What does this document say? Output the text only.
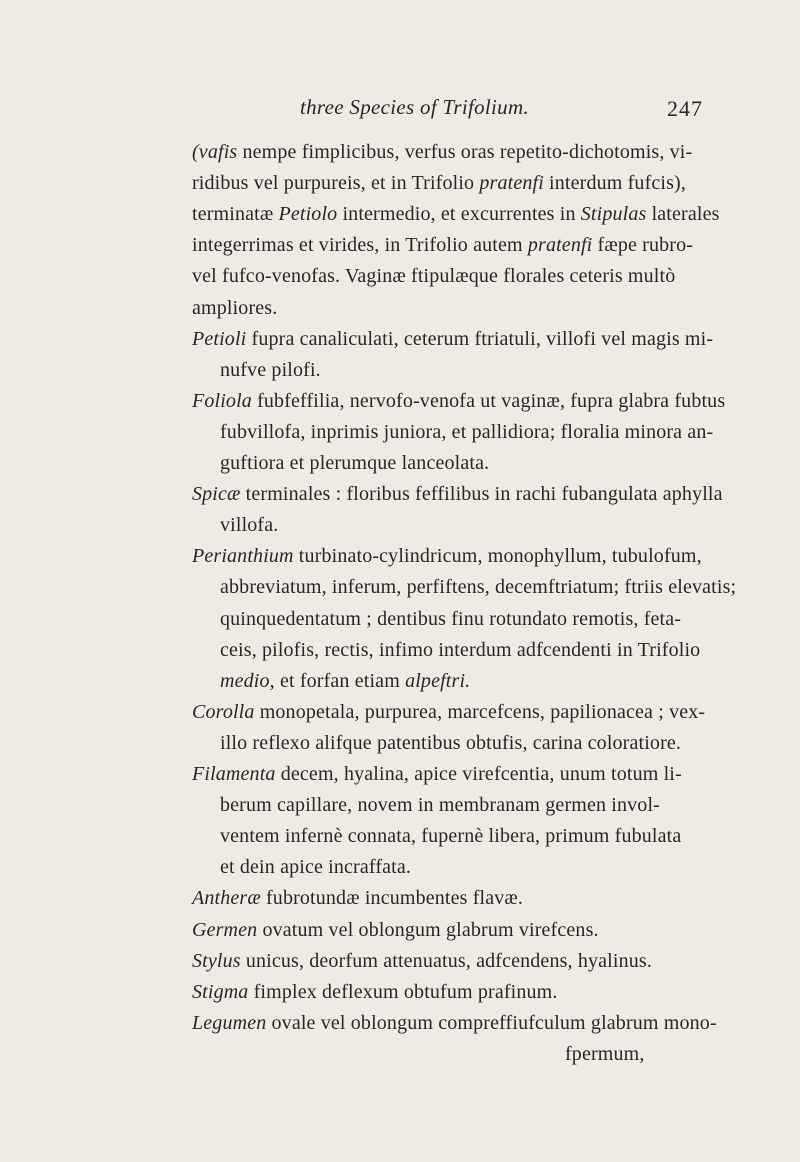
three Species of Trifolium.	247
(vafis nempe fimplicibus, verfus oras repetito-dichotomis, vi-
ridibus vel purpureis, et in Trifolio pratenfi interdum fufcis),
terminatæ Petiolo intermedio, et excurrentes in Stipulas laterales
integerrimas et virides, in Trifolio autem pratenfi fæpe rubro-
vel fufco-venofas. Vaginæ ftipulæque florales ceteris multò
ampliores.
Petioli fupra canaliculati, ceterum ftriatuli, villofi vel magis mi-
nufve pilofi.
Foliola fubfeffilia, nervofo-venofa ut vaginæ, fupra glabra fubtus
fubvillofa, inprimis juniora, et pallidiora; floralia minora an-
guftiora et plerumque lanceolata.
Spicæ terminales : floribus feffilibus in rachi fubangulata aphylla
villofa.
Perianthium turbinato-cylindricum, monophyllum, tubulofum,
abbreviatum, inferum, perfiftens, decemftriatum; ftriis elevatis;
quinquedentatum ; dentibus finu rotundato remotis, feta-
ceis, pilofis, rectis, infimo interdum adfcendenti in Trifolio
medio, et forfan etiam alpeftri.
Corolla monopetala, purpurea, marcefcens, papilionacea ; vex-
illo reflexo alifque patentibus obtufis, carina coloratiore.
Filamenta decem, hyalina, apice virefcentia, unum totum li-
berum capillare, novem in membranam germen invol-
ventem infernè connata, fupernè libera, primum fubulata
et dein apice incraffata.
Antheræ fubrotundæ incumbentes flavæ.
Germen ovatum vel oblongum glabrum virefcens.
Stylus unicus, deorfum attenuatus, adfcendens, hyalinus.
Stigma fimplex deflexum obtufum prafinum.
Legumen ovale vel oblongum compreffiufculum glabrum mono-
fpermum,
